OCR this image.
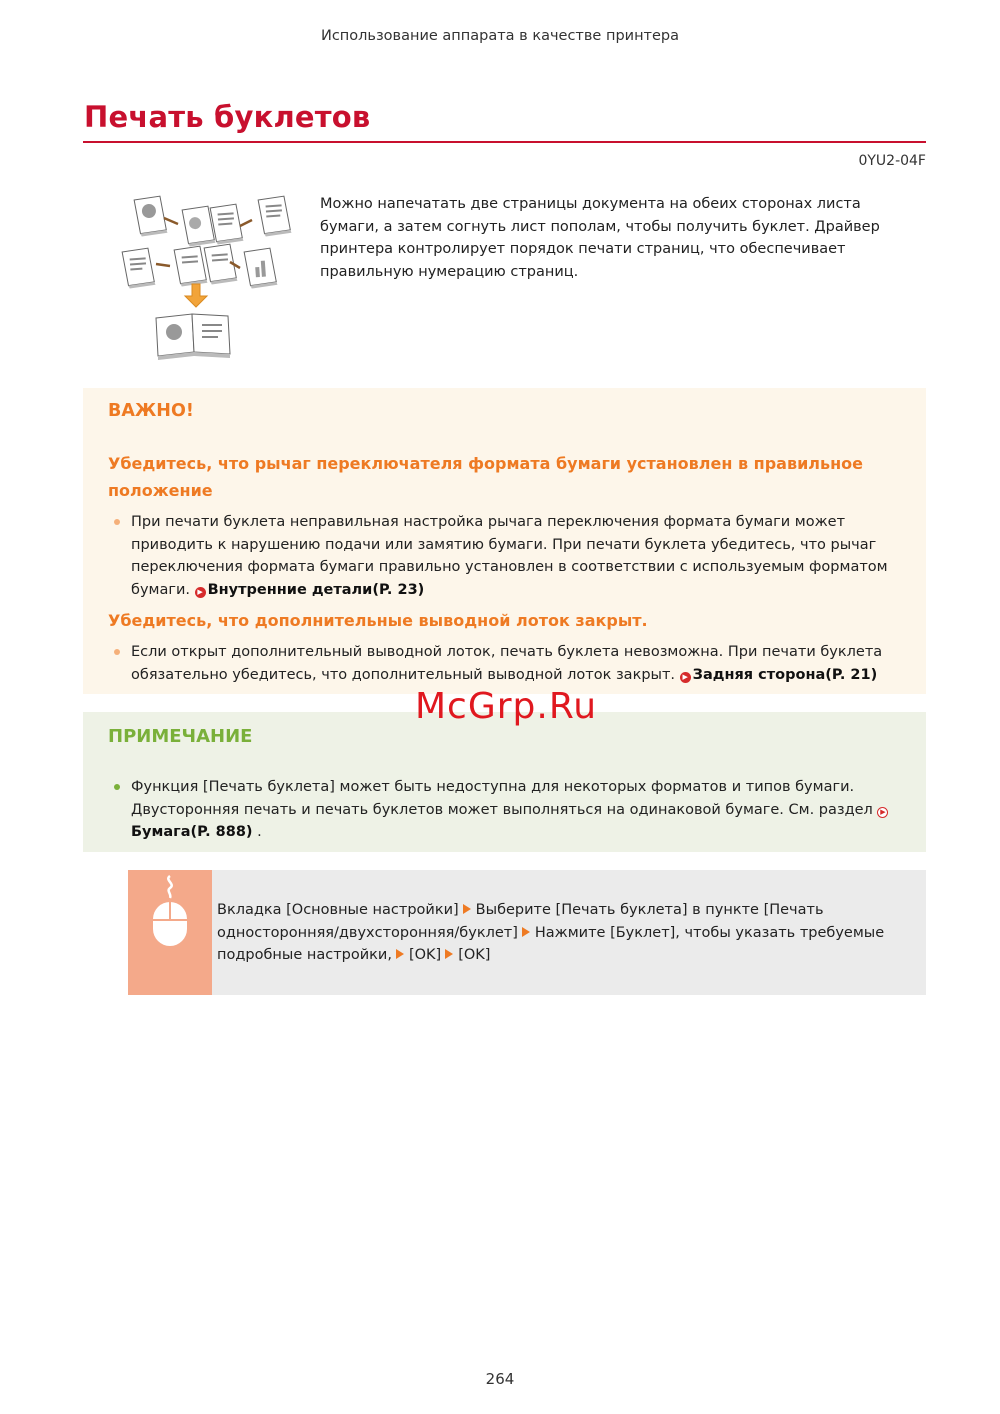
Использование аппарата в качестве принтера
Печать буклетов
0YU2-04F
Можно напечатать две страницы документа на обеих сторонах листа бумаги, а затем согнуть лист пополам, чтобы получить буклет. Драйвер принтера контролирует порядок печати страниц, что обеспечивает правильную нумерацию страниц.
ВАЖНО!
Убедитесь, что рычаг переключателя формата бумаги установлен в правильное положение
При печати буклета неправильная настройка рычага переключения формата бумаги может приводить к нарушению подачи или замятию бумаги. При печати буклета убедитесь, что рычаг переключения формата бумаги правильно установлен в соответствии с используемым форматом бумаги. ▶ Внутренние детали(P. 23)
Убедитесь, что дополнительные выводной лоток закрыт.
Если открыт дополнительный выводной лоток, печать буклета невозможна. При печати буклета обязательно убедитесь, что дополнительный выводной лоток закрыт. ▶ Задняя сторона(P. 21)
ПРИМЕЧАНИЕ
Функция [Печать буклета] может быть недоступна для некоторых форматов и типов бумаги. Двусторонняя печать и печать буклетов может выполняться на одинаковой бумаге. См. раздел ▶
Бумага(P. 888) .
Вкладка [Основные настройки] Выберите [Печать буклета] в пункте [Печать односторонняя/двухсторонняя/буклет] Нажмите [Буклет], чтобы указать требуемые подробные настройки, [OK] [OK]
McGrp.Ru
264
